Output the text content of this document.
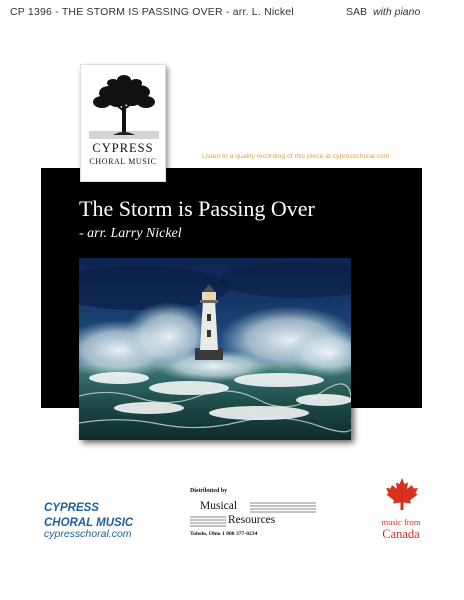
CP 1396 - THE STORM IS PASSING OVER - arr. L. Nickel	SAB with piano
CYPRESS
CHORAL MUSIC
Listen to a quality recording of this piece at cypresschoral.com
The Storm is Passing Over
- arr. Larry Nickel
CYPRESS
CHORAL MUSIC
cypresschoral.com
Distributed by
Musical
Resources
Toledo, Ohio 1 800 377-0234
music from
Canada
